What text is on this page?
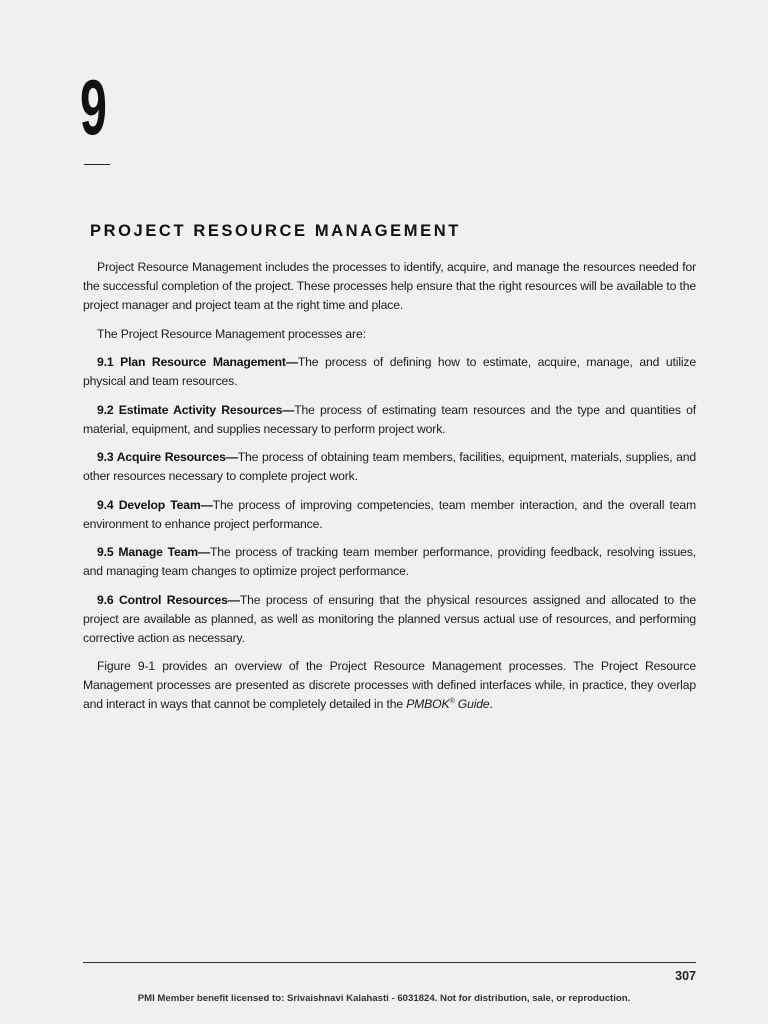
9
PROJECT RESOURCE MANAGEMENT

Project Resource Management includes the processes to identify, acquire, and manage the resources needed for the successful completion of the project. These processes help ensure that the right resources will be available to the project manager and project team at the right time and place.

The Project Resource Management processes are:

9.1 Plan Resource Management—The process of defining how to estimate, acquire, manage, and utilize physical and team resources.

9.2 Estimate Activity Resources—The process of estimating team resources and the type and quantities of material, equipment, and supplies necessary to perform project work.

9.3 Acquire Resources—The process of obtaining team members, facilities, equipment, materials, supplies, and other resources necessary to complete project work.

9.4 Develop Team—The process of improving competencies, team member interaction, and the overall team environment to enhance project performance.

9.5 Manage Team—The process of tracking team member performance, providing feedback, resolving issues, and managing team changes to optimize project performance.

9.6 Control Resources—The process of ensuring that the physical resources assigned and allocated to the project are available as planned, as well as monitoring the planned versus actual use of resources, and performing corrective action as necessary.

Figure 9-1 provides an overview of the Project Resource Management processes. The Project Resource Management processes are presented as discrete processes with defined interfaces while, in practice, they overlap and interact in ways that cannot be completely detailed in the PMBOK® Guide.

307
PMI Member benefit licensed to: Srivaishnavi Kalahasti - 6031824. Not for distribution, sale, or reproduction.
